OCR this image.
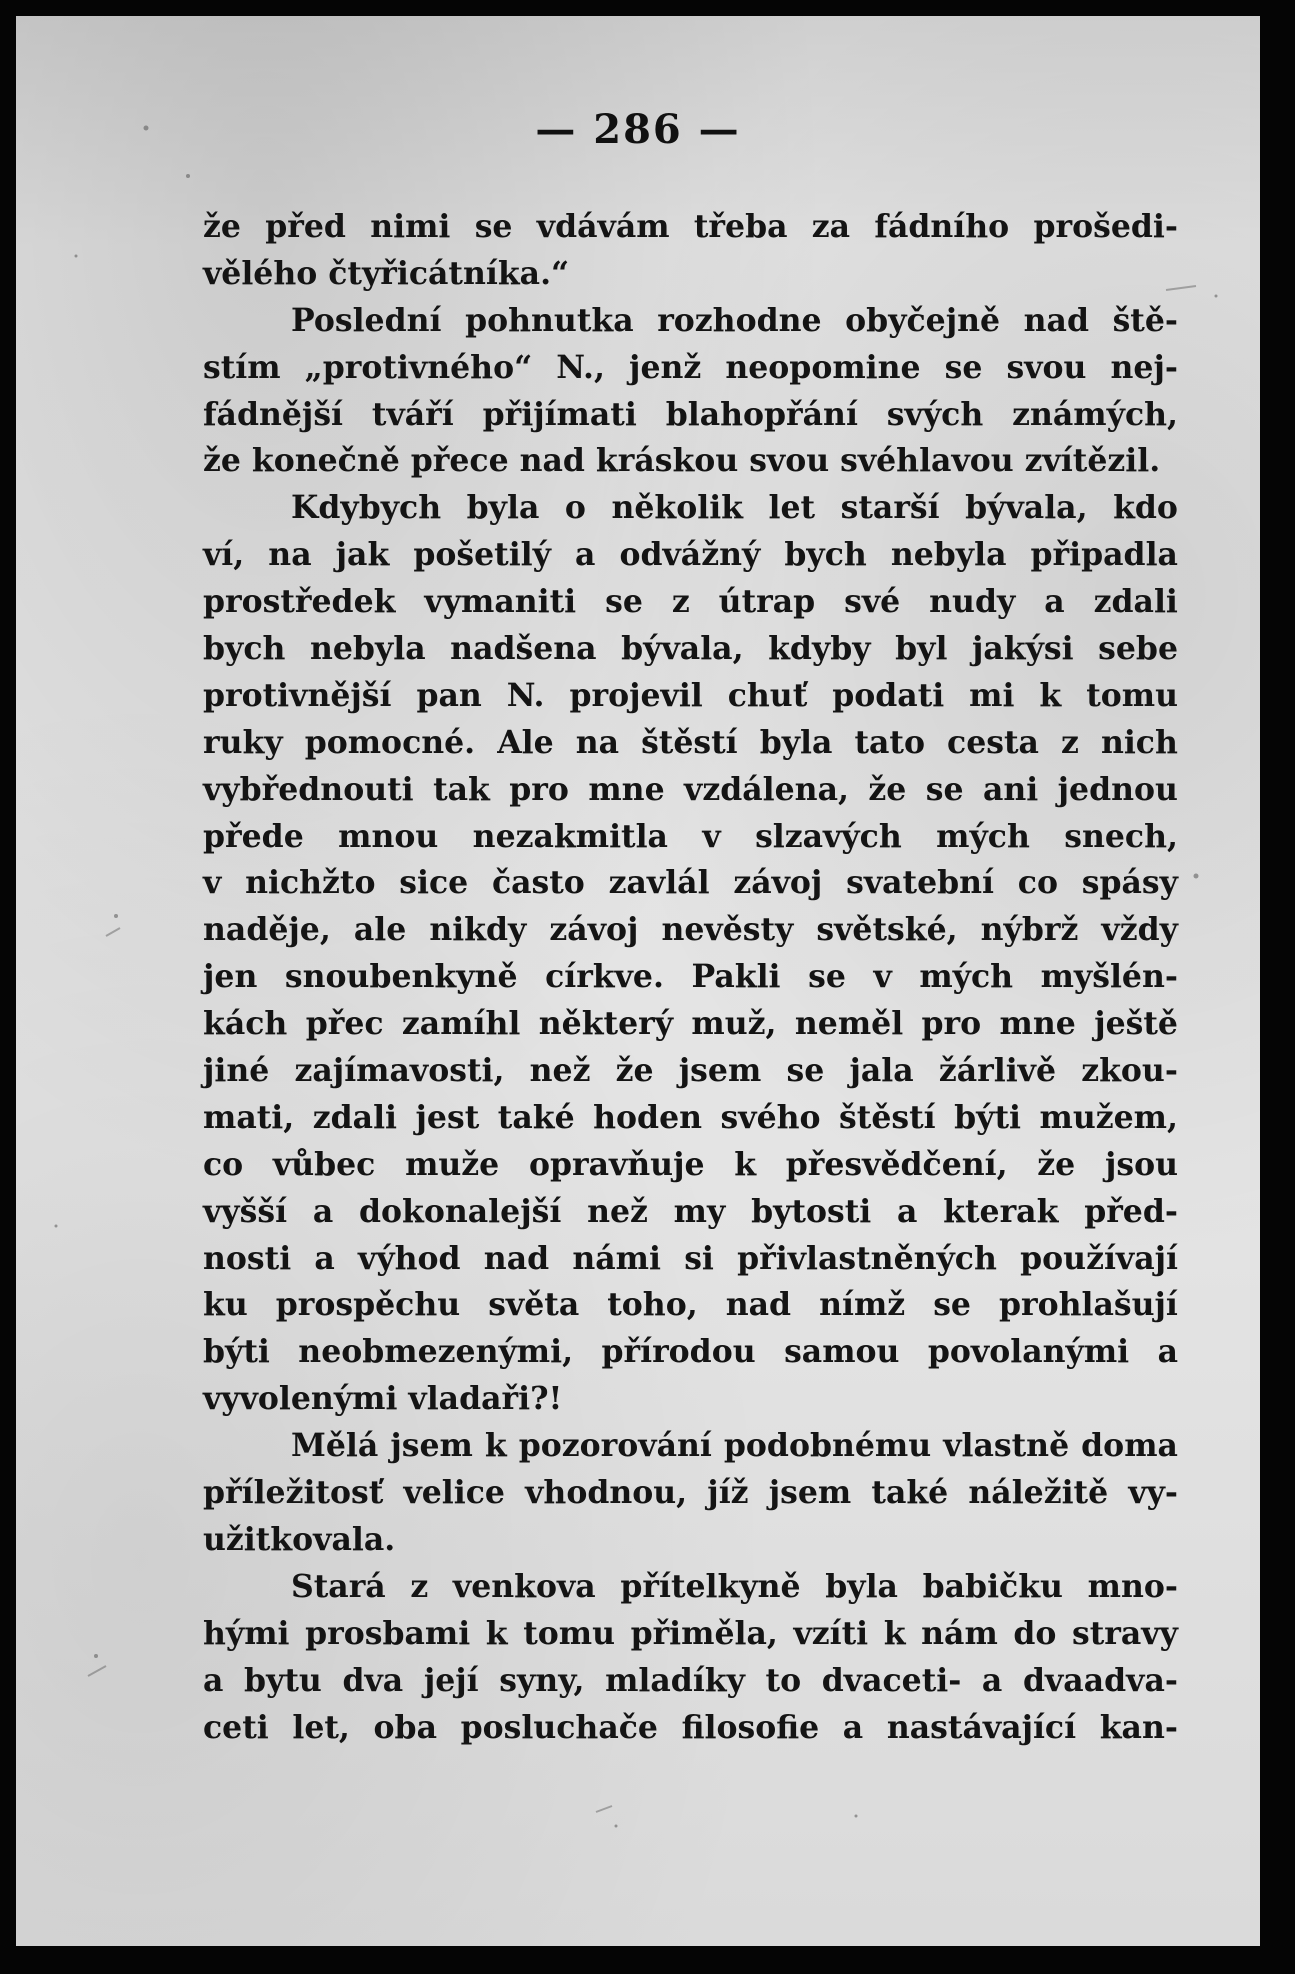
— 286 —
že před nimi se vdávám třeba za fádního prošedi-
vělého čtyřicátníka.“
Poslední pohnutka rozhodne obyčejně nad ště-
stím „protivného“ N., jenž neopomine se svou nej-
fádnější tváří přijímati blahopřání svých známých,
že konečně přece nad kráskou svou svéhlavou zvítězil.
Kdybych byla o několik let starší bývala, kdo
ví, na jak pošetilý a odvážný bych nebyla připadla
prostředek vymaniti se z útrap své nudy a zdali
bych nebyla nadšena bývala, kdyby byl jakýsi sebe
protivnější pan N. projevil chuť podati mi k tomu
ruky pomocné. Ale na štěstí byla tato cesta z nich
vybřednouti tak pro mne vzdálena, že se ani jednou
přede mnou nezakmitla v slzavých mých snech,
v nichžto sice často zavlál závoj svatební co spásy
naděje, ale nikdy závoj nevěsty světské, nýbrž vždy
jen snoubenkyně církve. Pakli se v mých myšlén-
kách přec zamíhl některý muž, neměl pro mne ještě
jiné zajímavosti, než že jsem se jala žárlivě zkou-
mati, zdali jest také hoden svého štěstí býti mužem,
co vůbec muže opravňuje k přesvědčení, že jsou
vyšší a dokonalejší než my bytosti a kterak před-
nosti a výhod nad námi si přivlastněných používají
ku prospěchu světa toho, nad nímž se prohlašují
býti neobmezenými, přírodou samou povolanými a
vyvolenými vladaři?!
Mělá jsem k pozorování podobnému vlastně doma
příležitosť velice vhodnou, jíž jsem také náležitě vy-
užitkovala.
Stará z venkova přítelkyně byla babičku mno-
hými prosbami k tomu přiměla, vzíti k nám do stravy
a bytu dva její syny, mladíky to dvaceti- a dvaadva-
ceti let, oba posluchače filosofie a nastávající kan-
